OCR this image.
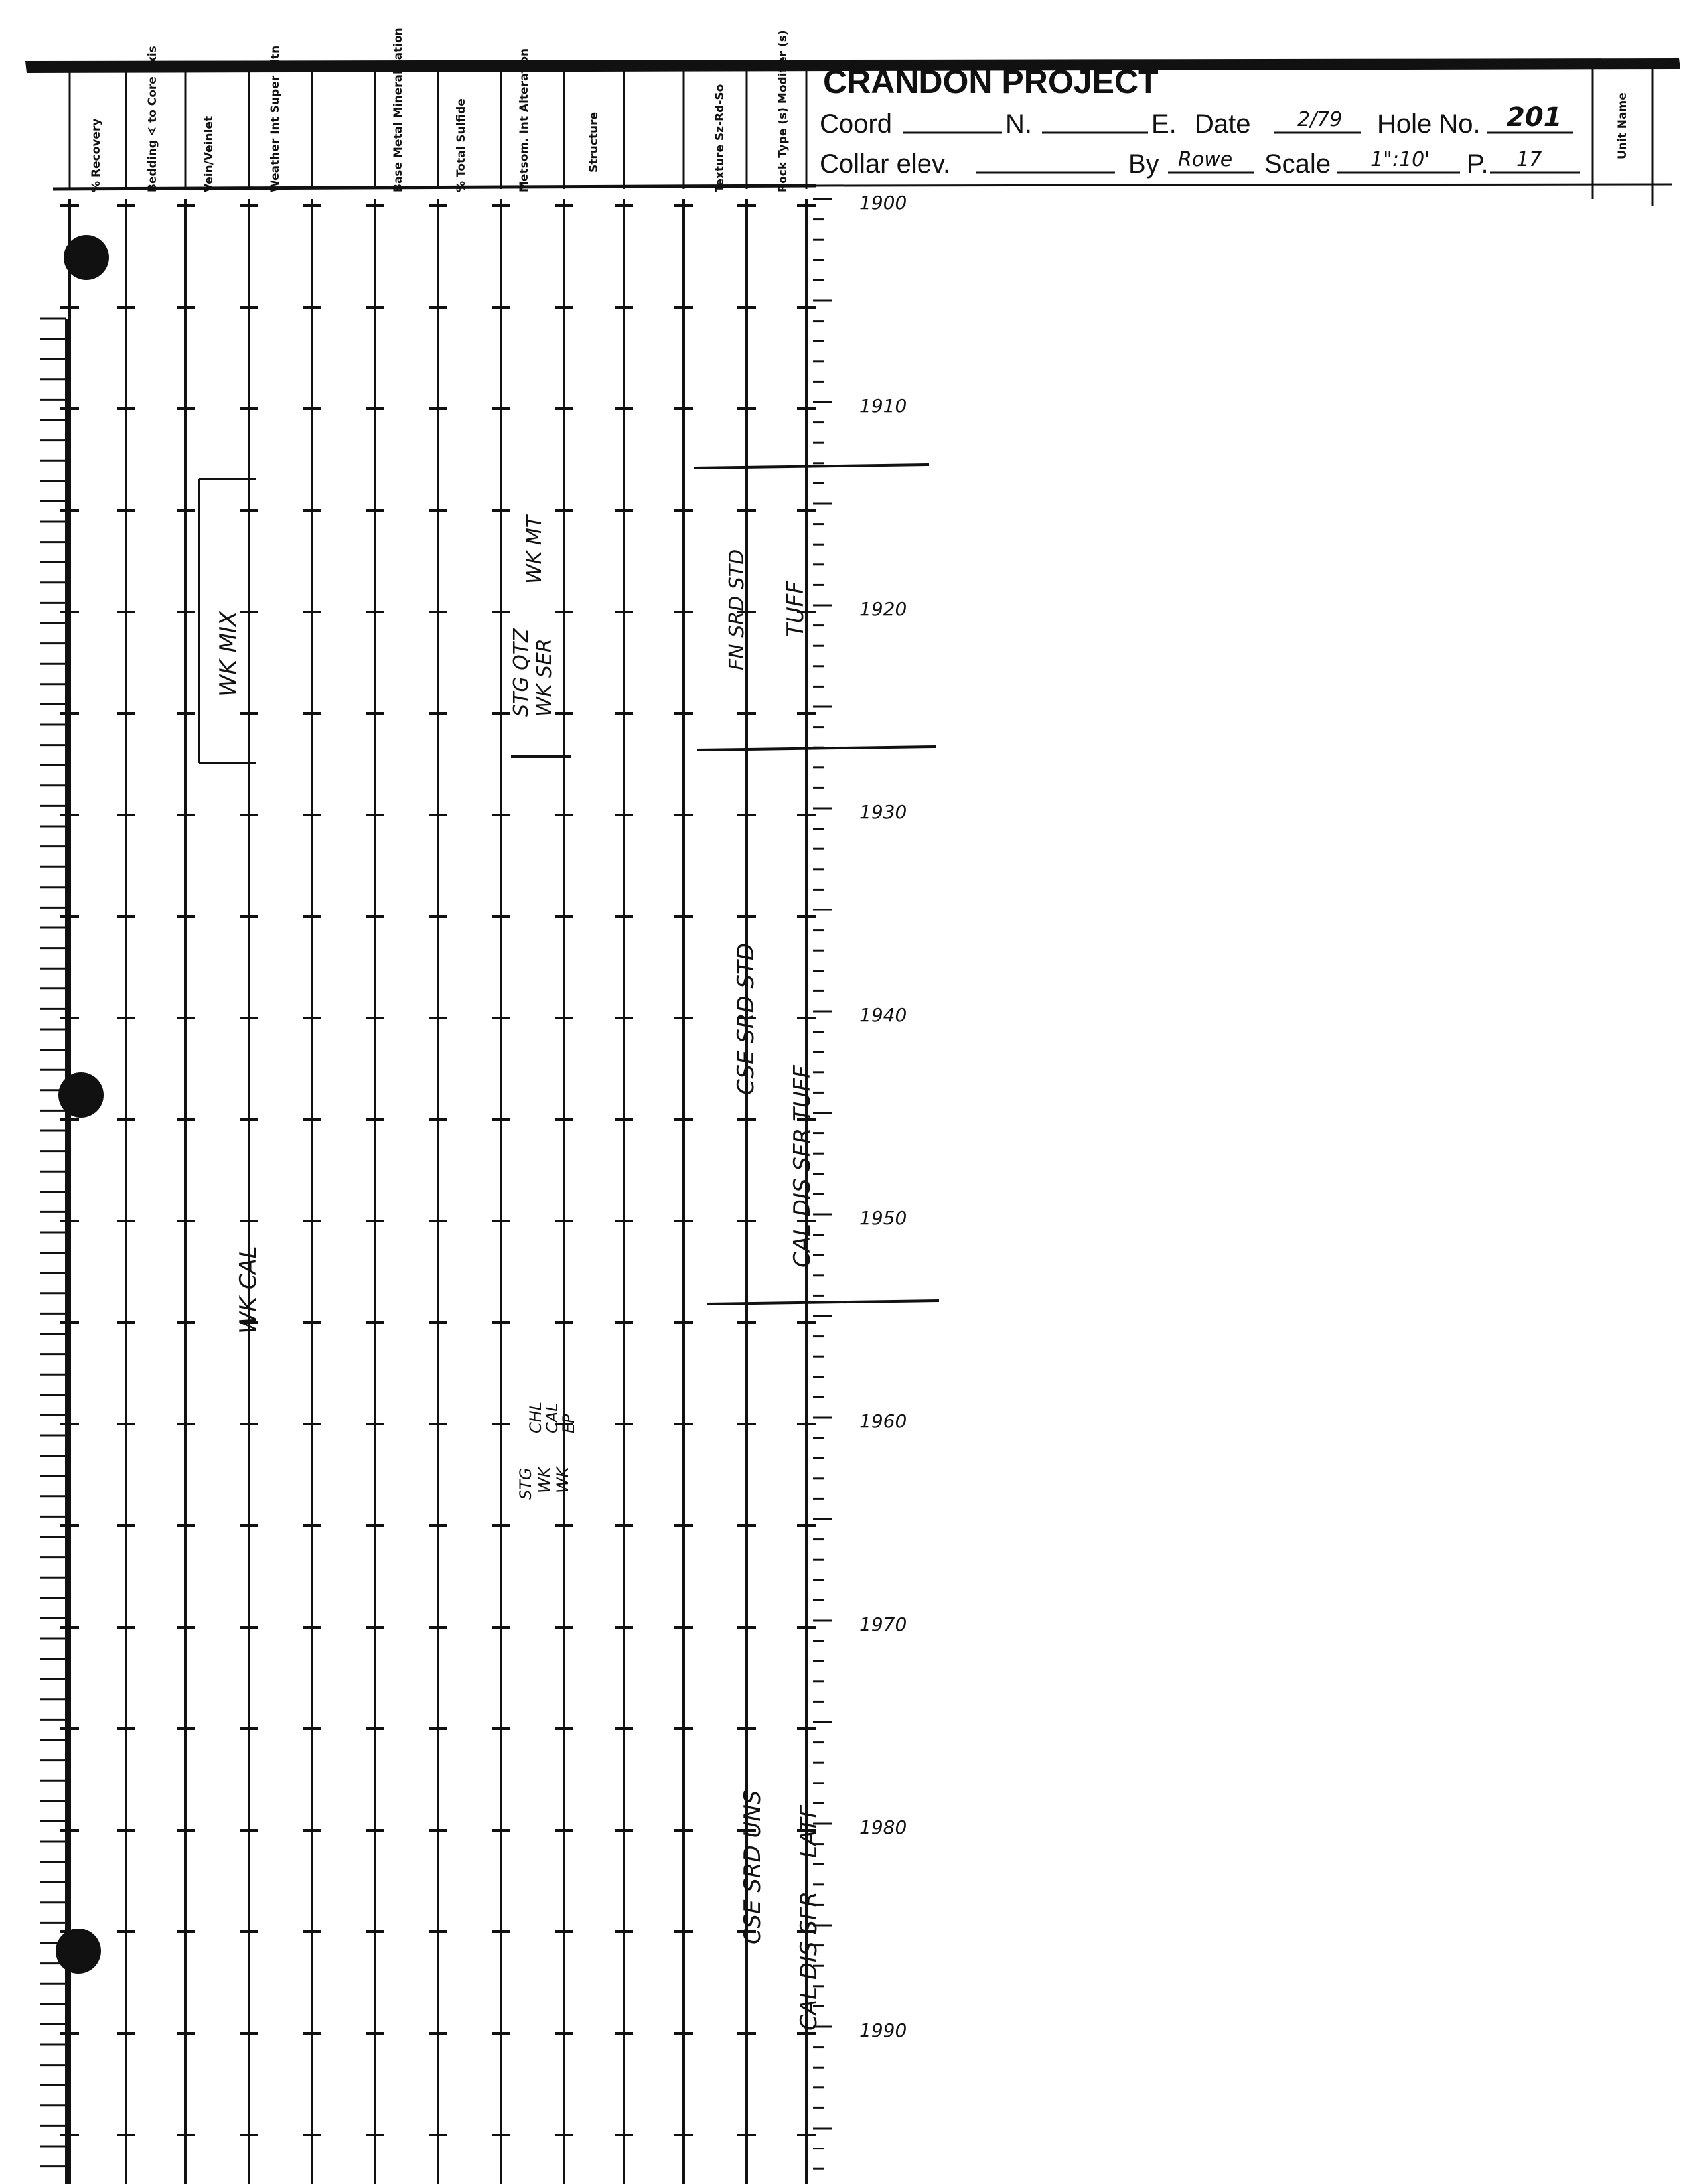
% Recovery	Bedding ∢ to Core Axis	Vein/Veinlet	Weather Int Super Altn	Base Metal Mineralization	% Total Sulfide	Metsom. Int Alteration	Structure	Texture Sz-Rd-So	Rock Type (s) Modifier (s)	Unit Name
CRANDON PROJECT
Coord	N.	E. Date 2/79 Hole No. 201
Collar elev.	By Rowe Scale 1":10' P. 17
1900
1910
1920
1930
1940
1950
1960
1970
1980
1990
WK MIX
WK CAL
WK MT
STG QTZ WK SER
CHL
CAL
EP
STG WK WK
FN SRD STD TUFF
CSE SRD STD TUFF
CAL DIS SFR
CSE SRD UNS LATF
CAL DIS SFR
